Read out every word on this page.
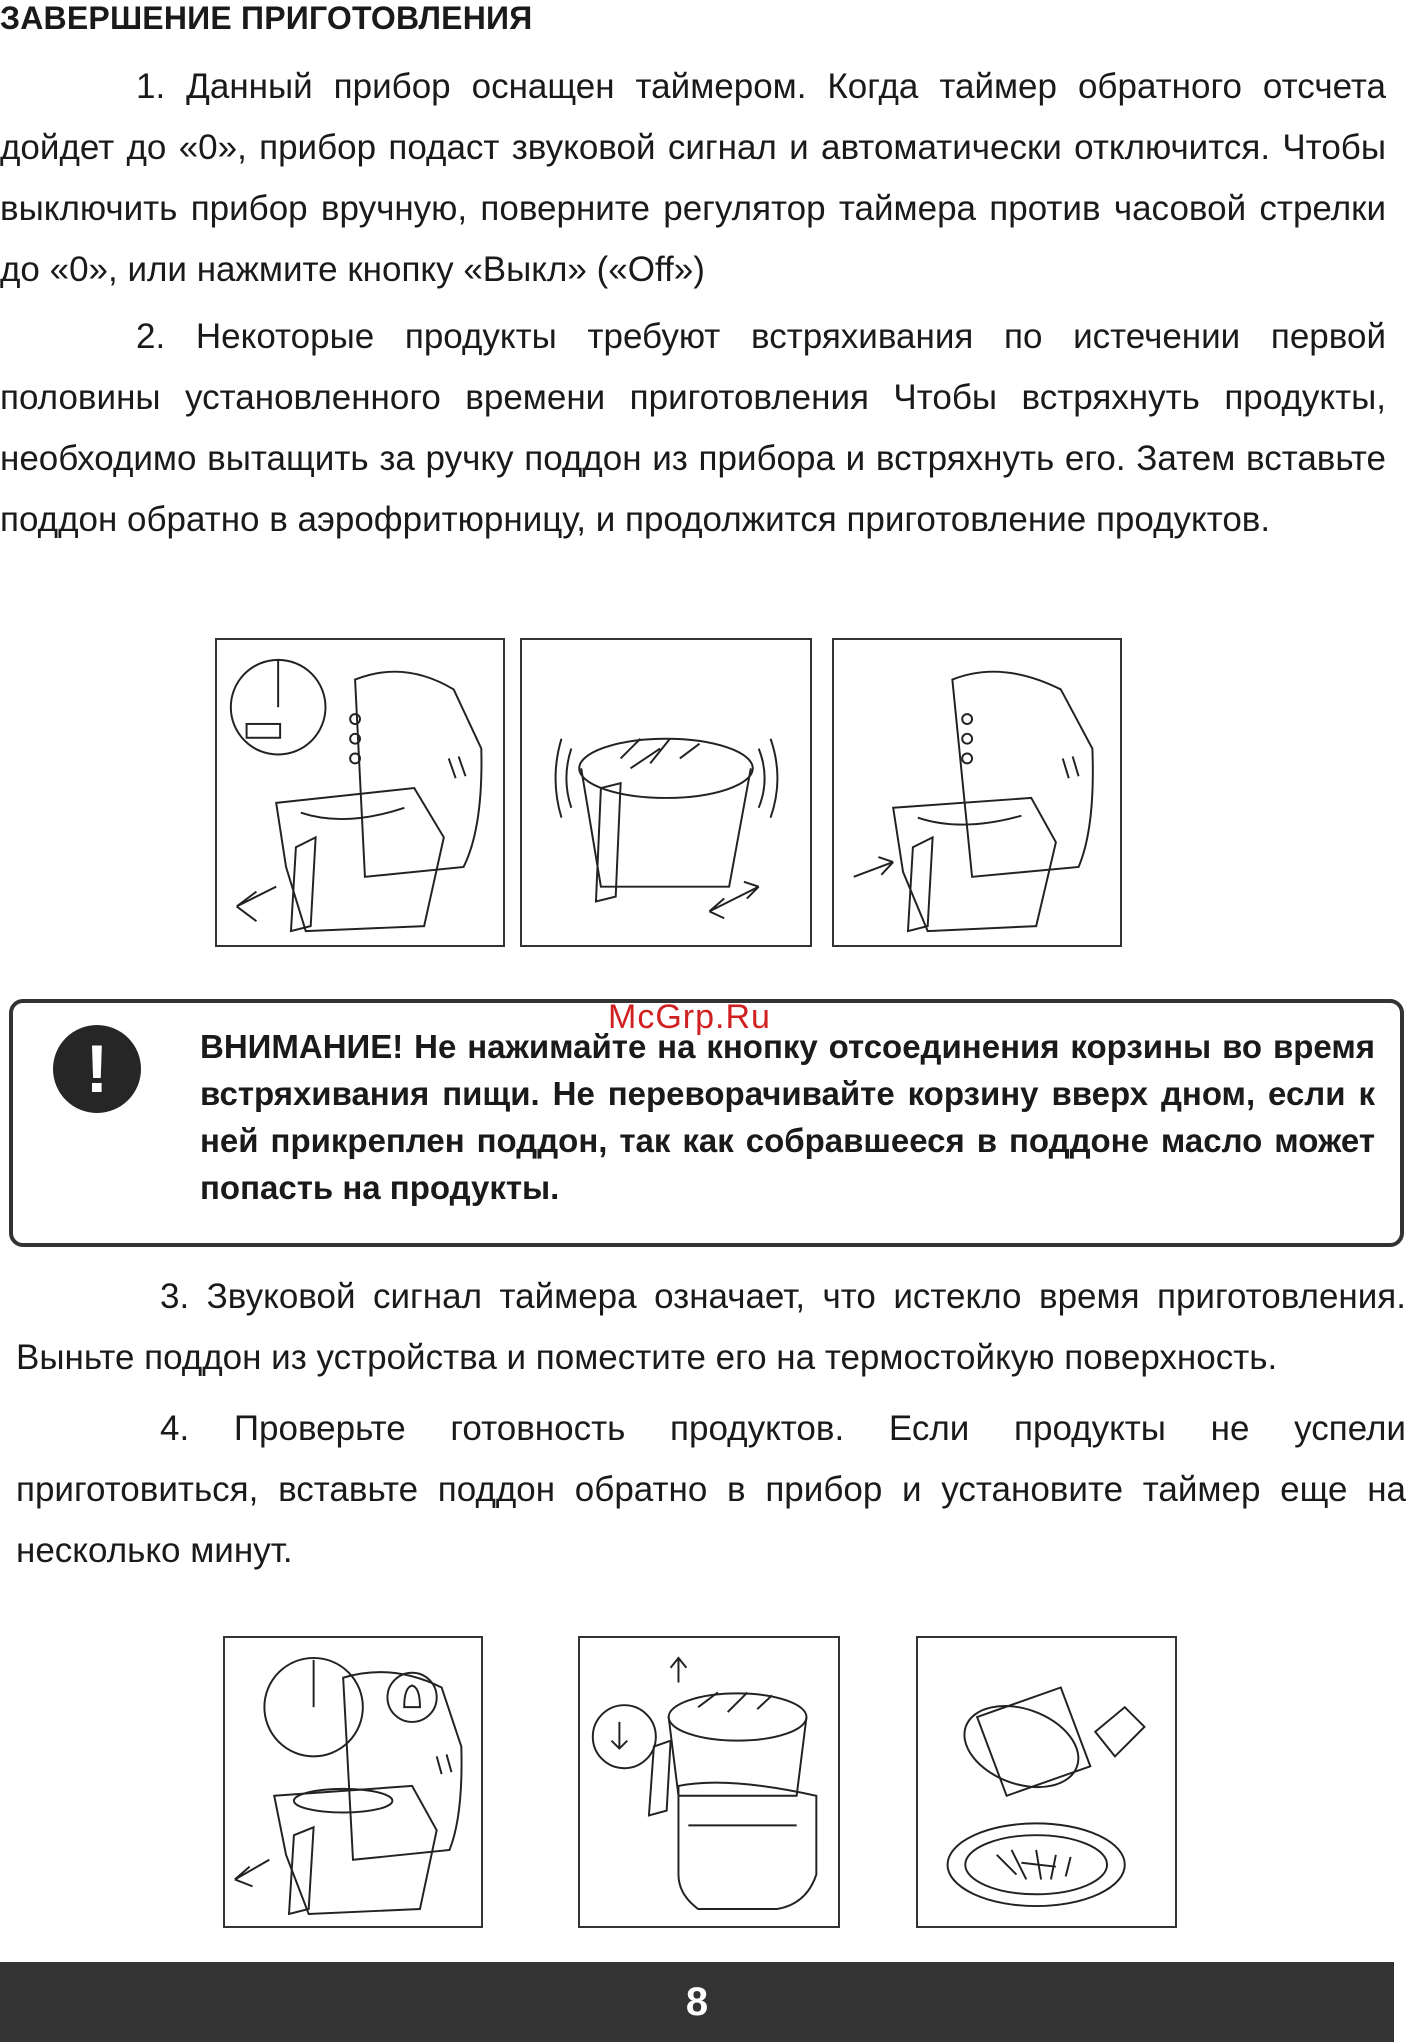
ЗАВЕРШЕНИЕ ПРИГОТОВЛЕНИЯ

1. Данный прибор оснащен таймером. Когда таймер обратного отсчета дойдет до «0», прибор подаст звуковой сигнал и автоматически отключится. Чтобы выключить прибор вручную, поверните регулятор таймера против часовой стрелки до «0», или нажмите кнопку «Выкл» («Off»)

2. Некоторые продукты требуют встряхивания по истечении первой половины установленного времени приготовления Чтобы встряхнуть продукты, необходимо вытащить за ручку поддон из прибора и встряхнуть его. Затем вставьте поддон обратно в аэрофритюрницу, и продолжится приготовление продуктов.

!	ВНИМАНИЕ! Не нажимайте на кнопку отсоединения корзины во время встряхивания пищи. Не переворачивайте корзину вверх дном, если к ней прикреплен поддон, так как собравшееся в поддоне масло может попасть на продукты.

McGrp.Ru

3. Звуковой сигнал таймера означает, что истекло время приготовления. Выньте поддон из устройства и поместите его на термостойкую поверхность.

4. Проверьте готовность продуктов. Если продукты не успели приготовиться, вставьте поддон обратно в прибор и установите таймер еще на несколько минут.

8
